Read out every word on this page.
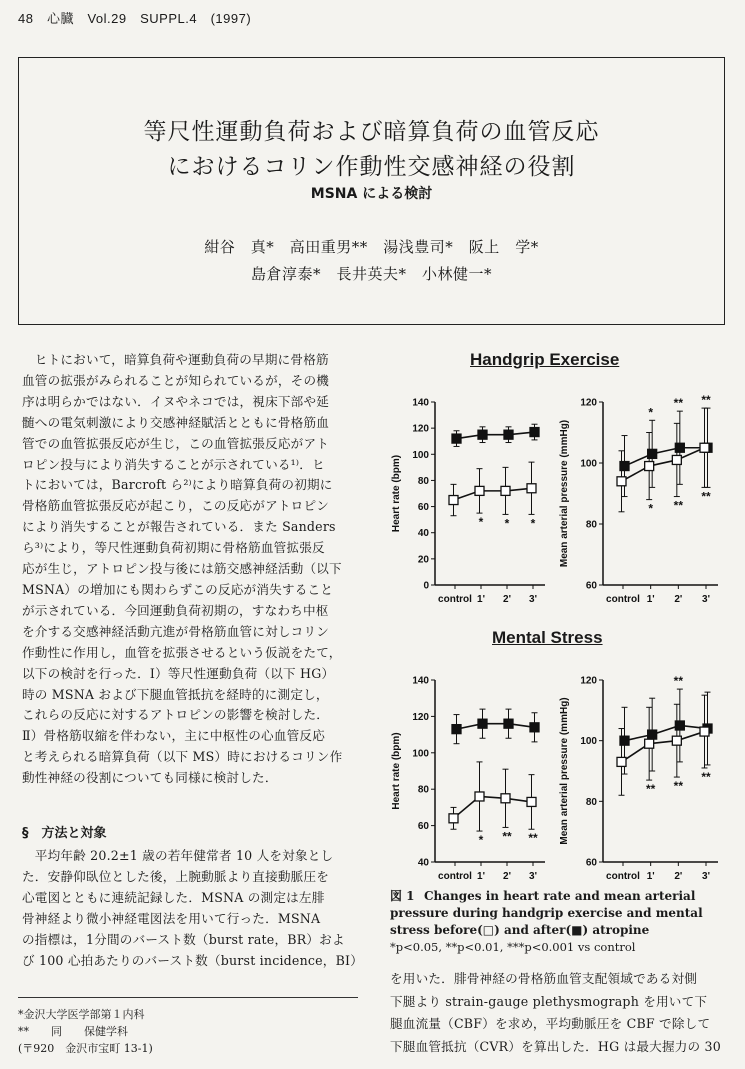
48　心臓　Vol.29　SUPPL.4　(1997)
等尺性運動負荷および暗算負荷の血管反応
におけるコリン作動性交感神経の役割
MSNA による検討
紺谷　真*　高田重男**　湯浅豊司*　阪上　学*
島倉淳泰*　長井英夫*　小林健一*

　ヒトにおいて，暗算負荷や運動負荷の早期に骨格筋

血管の拡張がみられることが知られているが，その機

序は明らかではない．イヌやネコでは，視床下部や延

髄への電気刺激により交感神経賦活とともに骨格筋血

管での血管拡張反応が生じ，この血管拡張反応がアト

ロピン投与により消失することが示されている¹⁾．ヒ

トにおいては，Barcroft ら²⁾により暗算負荷の初期に

骨格筋血管拡張反応が起こり，この反応がアトロピン

により消失することが報告されている．また Sanders

ら³⁾により，等尺性運動負荷初期に骨格筋血管拡張反

応が生じ，アトロピン投与後には筋交感神経活動（以下

MSNA）の増加にも関わらずこの反応が消失すること

が示されている．今回運動負荷初期の，すなわち中枢

を介する交感神経活動亢進が骨格筋血管に対しコリン

作動性に作用し，血管を拡張させるという仮説をたて，

以下の検討を行った．Ⅰ）等尺性運動負荷（以下 HG）

時の MSNA および下腿血管抵抗を経時的に測定し，

これらの反応に対するアトロピンの影響を検討した．

Ⅱ）骨格筋収縮を伴わない，主に中枢性の心血管反応

と考えられる暗算負荷（以下 MS）時におけるコリン作

動性神経の役割についても同様に検討した．

§　方法と対象

　平均年齢 20.2±1 歳の若年健常者 10 人を対象とし

た．安静仰臥位とした後，上腕動脈より直接動脈圧を

心電図とともに連続記録した．MSNA の測定は左腓

骨神経より微小神経電図法を用いて行った．MSNA

の指標は，1分間のバースト数（burst rate，BR）およ

び 100 心拍あたりのバースト数（burst incidence，BI）

*金沢大学医学部第１内科
**　　同　　保健学科
(〒920　金沢市宝町 13-1)
Handgrip Exercise
Mental Stress
0
20
40
60
80
100
120
140
control 1' 2' 3'
Heart rate (bpm)	* * *
60
80
100
120
control 1' 2' 3'
Mean arterial pressure (mmHg)
** **
*
* **
**
40
60
80
100
120
140
control 1' 2' 3'
Heart rate (bpm)
* ** **
60
80
100
120
control 1' 2' 3'
Mean arterial pressure (mmHg)
**
** **
**
図 1 Changes in heart rate and mean arterial pressure during handgrip exercise and mental stress before(□) and after(■) atropine
*p<0.05, **p<0.01, ***p<0.001 vs control

を用いた．腓骨神経の骨格筋血管支配領域である対側

下腿より strain-gauge plethysmograph を用いて下

腿血流量（CBF）を求め，平均動脈圧を CBF で除して

下腿血管抵抗（CVR）を算出した．HG は最大握力の 30
